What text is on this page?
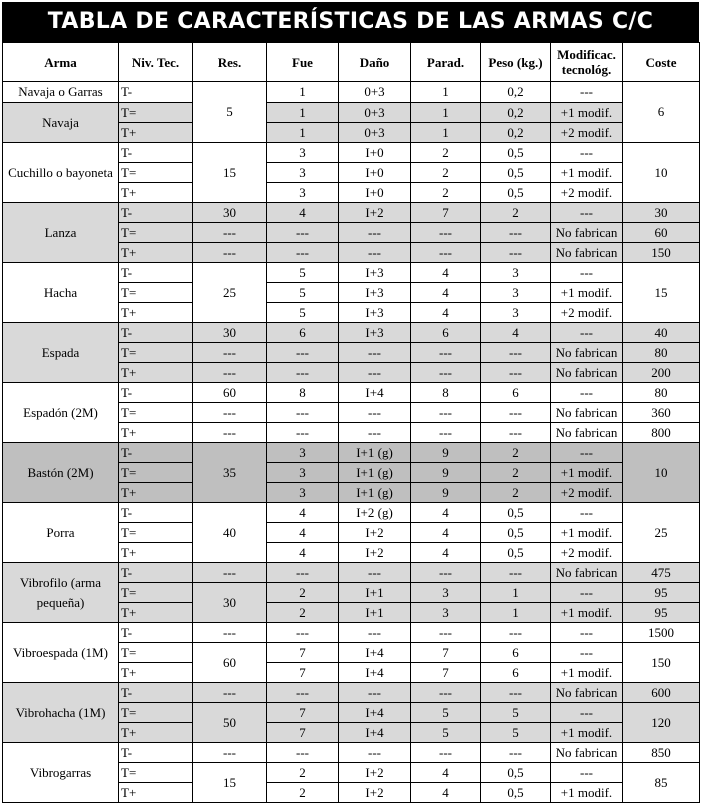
TABLA DE CARACTERÍSTICAS DE LAS ARMAS C/C
Arma	Niv. Tec.	Res.	Fue	Daño	Parad.	Peso (kg.)	Modificac. tecnológ.	Coste
Navaja o Garras	T-	5	1	0+3	1	0,2	---	6
Navaja	T=		1	0+3	1	0,2	+1 modif.	
	T+		1	0+3	1	0,2	+2 modif.	
Cuchillo o bayoneta	T-	15	3	I+0	2	0,5	---	10
	T=		3	I+0	2	0,5	+1 modif.	
	T+		3	I+0	2	0,5	+2 modif.	
Lanza	T-	30	4	I+2	7	2	---	30
	T=	---	---	---	---	---	No fabrican	60
	T+	---	---	---	---	---	No fabrican	150
Hacha	T-	25	5	I+3	4	3	---	15
	T=		5	I+3	4	3	+1 modif.	
	T+		5	I+3	4	3	+2 modif.	
Espada	T-	30	6	I+3	6	4	---	40
	T=	---	---	---	---	---	No fabrican	80
	T+	---	---	---	---	---	No fabrican	200
Espadón (2M)	T-	60	8	I+4	8	6	---	80
	T=	---	---	---	---	---	No fabrican	360
	T+	---	---	---	---	---	No fabrican	800
Bastón (2M)	T-	35	3	I+1 (g)	9	2	---	10
	T=		3	I+1 (g)	9	2	+1 modif.	
	T+		3	I+1 (g)	9	2	+2 modif.	
Porra	T-	40	4	I+2 (g)	4	0,5	---	25
	T=		4	I+2	4	0,5	+1 modif.	
	T+		4	I+2	4	0,5	+2 modif.	
Vibrofilo (arma pequeña)	T-	---	---	---	---	---	No fabrican	475
	T=	30	2	I+1	3	1	---	95
	T+		2	I+1	3	1	+1 modif.	95
Vibroespada (1M)	T-	---	---	---	---	---	---	1500
	T=	60	7	I+4	7	6	---	150
	T+		7	I+4	7	6	+1 modif.	
Vibrohacha (1M)	T-	---	---	---	---	---	No fabrican	600
	T=	50	7	I+4	5	5	---	120
	T+		7	I+4	5	5	+1 modif.	
Vibrogarras	T-	---	---	---	---	---	No fabrican	850
	T=	15	2	I+2	4	0,5	---	85
	T+		2	I+2	4	0,5	+1 modif.	
